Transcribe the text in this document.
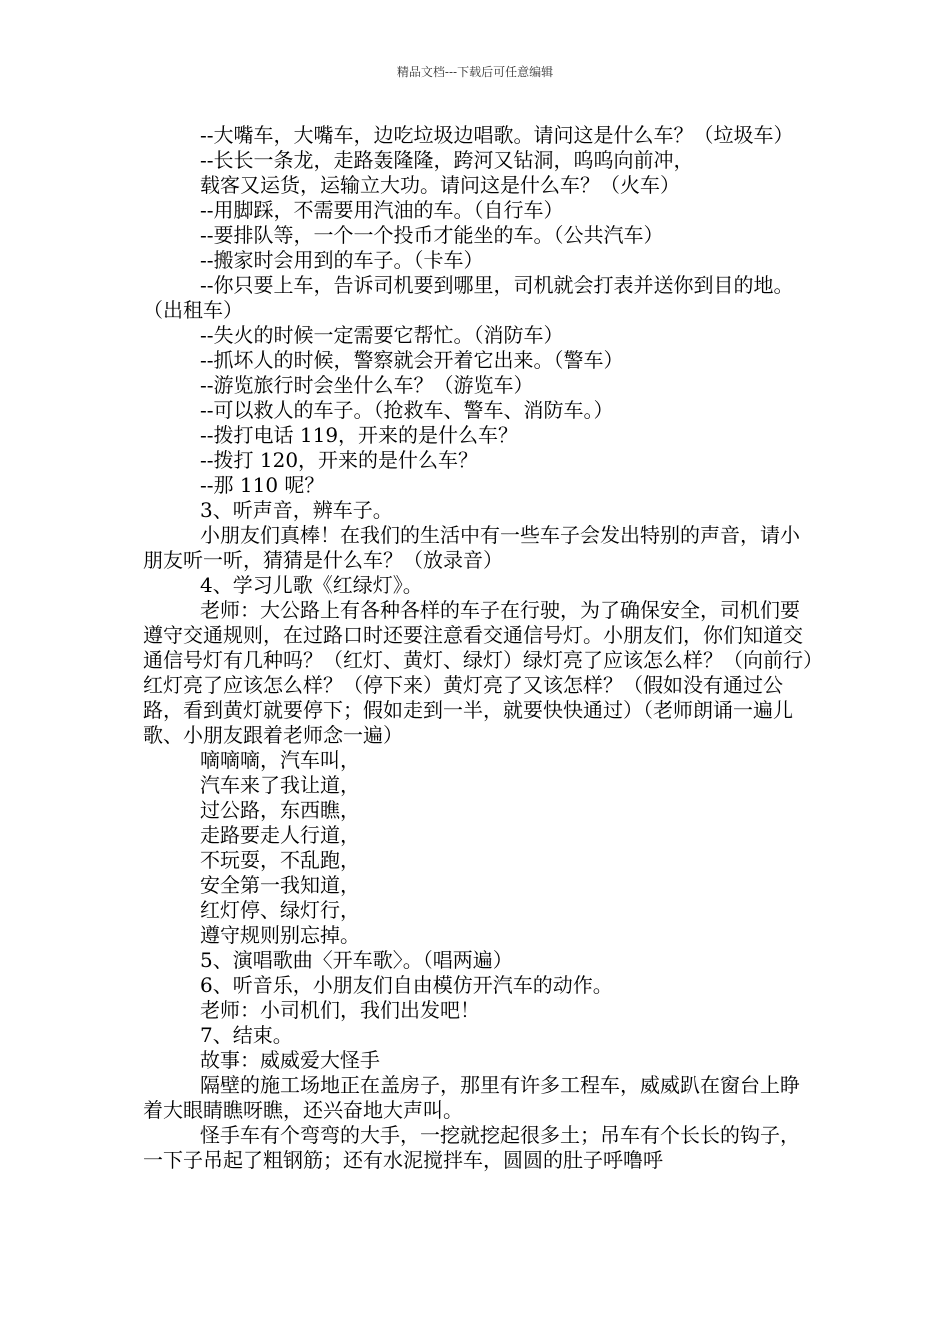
精品文档---下载后可任意编辑

--大嘴车，大嘴车，边吃垃圾边唱歌。请问这是什么车？（垃圾车）

--长长一条龙，走路轰隆隆，跨河又钻洞，呜呜向前冲，

载客又运货，运输立大功。请问这是什么车？（火车）

--用脚踩，不需要用汽油的车。（自行车）

--要排队等，一个一个投币才能坐的车。（公共汽车）

--搬家时会用到的车子。（卡车）

--你只要上车，告诉司机要到哪里，司机就会打表并送你到目的地。（出租车）

--失火的时候一定需要它帮忙。（消防车）

--抓坏人的时候，警察就会开着它出来。（警车）

--游览旅行时会坐什么车？（游览车）

--可以救人的车子。（抢救车、警车、消防车。）

--拨打电话 119，开来的是什么车？

--拨打 120，开来的是什么车？

--那 110 呢？

3、听声音，辨车子。

小朋友们真棒！在我们的生活中有一些车子会发出特别的声音，请小朋友听一听，猜猜是什么车？（放录音）

4、学习儿歌《红绿灯》。

老师：大公路上有各种各样的车子在行驶，为了确保安全，司机们要遵守交通规则，在过路口时还要注意看交通信号灯。小朋友们，你们知道交通信号灯有几种吗？（红灯、黄灯、绿灯）绿灯亮了应该怎么样？（向前行）红灯亮了应该怎么样？（停下来）黄灯亮了又该怎样？（假如没有通过公路，看到黄灯就要停下；假如走到一半，就要快快通过）（老师朗诵一遍儿歌、小朋友跟着老师念一遍）

嘀嘀嘀，汽车叫，

汽车来了我让道，

过公路，东西瞧，

走路要走人行道，

不玩耍，不乱跑，

安全第一我知道，

红灯停、绿灯行，

遵守规则别忘掉。

5、演唱歌曲〈开车歌〉。（唱两遍）

6、听音乐，小朋友们自由模仿开汽车的动作。

老师：小司机们，我们出发吧！

7、结束。

故事：威威爱大怪手

隔壁的施工场地正在盖房子，那里有许多工程车，威威趴在窗台上睁着大眼睛瞧呀瞧，还兴奋地大声叫。

怪手车有个弯弯的大手，一挖就挖起很多土；吊车有个长长的钩子，一下子吊起了粗钢筋；还有水泥搅拌车，圆圆的肚子呼噜呼
